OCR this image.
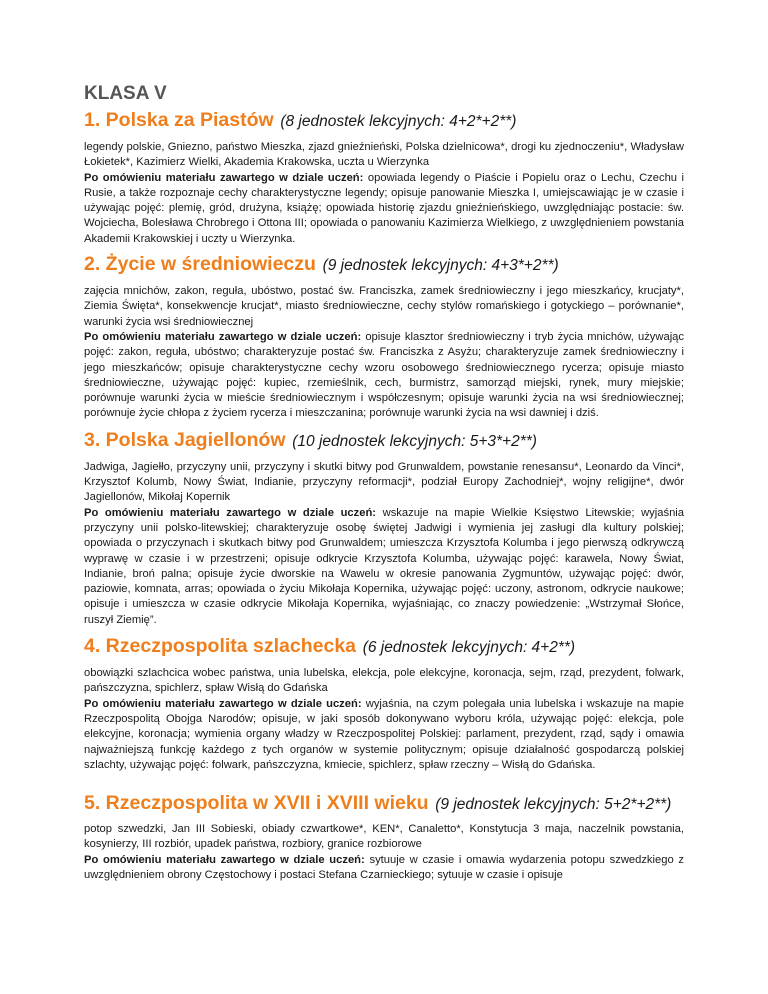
KLASA V
1. Polska za Piastów (8 jednostek lekcyjnych: 4+2*+2**)

legendy polskie, Gniezno, państwo Mieszka, zjazd gnieźnieński, Polska dzielnicowa*, drogi ku zjednoczeniu*, Władysław Łokietek*, Kazimierz Wielki, Akademia Krakowska, uczta u Wierzynka

Po omówieniu materiału zawartego w dziale uczeń: opowiada legendy o Piaście i Popielu oraz o Lechu, Czechu i Rusie, a także rozpoznaje cechy charakterystyczne legendy; opisuje panowanie Mieszka I, umiejscawiając je w czasie i używając pojęć: plemię, gród, drużyna, książę; opowiada historię zjazdu gnieźnieńskiego, uwzględniając postacie: św. Wojciecha, Bolesława Chrobrego i Ottona III; opowiada o panowaniu Kazimierza Wielkiego, z uwzględnieniem powstania Akademii Krakowskiej i uczty u Wierzynka.

2. Życie w średniowieczu (9 jednostek lekcyjnych: 4+3*+2**)

zajęcia mnichów, zakon, reguła, ubóstwo, postać św. Franciszka, zamek średniowieczny i jego mieszkańcy, krucjaty*, Ziemia Święta*, konsekwencje krucjat*, miasto średniowieczne, cechy stylów romańskiego i gotyckiego – porównanie*, warunki życia wsi średniowiecznej

Po omówieniu materiału zawartego w dziale uczeń: opisuje klasztor średniowieczny i tryb życia mnichów, używając pojęć: zakon, reguła, ubóstwo; charakteryzuje postać św. Franciszka z Asyżu; charakteryzuje zamek średniowieczny i jego mieszkańców; opisuje charakterystyczne cechy wzoru osobowego średniowiecznego rycerza; opisuje miasto średniowieczne, używając pojęć: kupiec, rzemieślnik, cech, burmistrz, samorząd miejski, rynek, mury miejskie; porównuje warunki życia w mieście średniowiecznym i współczesnym; opisuje warunki życia na wsi średniowiecznej; porównuje życie chłopa z życiem rycerza i mieszczanina; porównuje warunki życia na wsi dawniej i dziś.

3. Polska Jagiellonów (10 jednostek lekcyjnych: 5+3*+2**)

Jadwiga, Jagiełło, przyczyny unii, przyczyny i skutki bitwy pod Grunwaldem, powstanie renesansu*, Leonardo da Vinci*, Krzysztof Kolumb, Nowy Świat, Indianie, przyczyny reformacji*, podział Europy Zachodniej*, wojny religijne*, dwór Jagiellonów, Mikołaj Kopernik

Po omówieniu materiału zawartego w dziale uczeń: wskazuje na mapie Wielkie Księstwo Litewskie; wyjaśnia przyczyny unii polsko-litewskiej; charakteryzuje osobę świętej Jadwigi i wymienia jej zasługi dla kultury polskiej; opowiada o przyczynach i skutkach bitwy pod Grunwaldem; umieszcza Krzysztofa Kolumba i jego pierwszą odkrywczą wyprawę w czasie i w przestrzeni; opisuje odkrycie Krzysztofa Kolumba, używając pojęć: karawela, Nowy Świat, Indianie, broń palna; opisuje życie dworskie na Wawelu w okresie panowania Zygmuntów, używając pojęć: dwór, paziowie, komnata, arras; opowiada o życiu Mikołaja Kopernika, używając pojęć: uczony, astronom, odkrycie naukowe; opisuje i umieszcza w czasie odkrycie Mikołaja Kopernika, wyjaśniając, co znaczy powiedzenie: „Wstrzymał Słońce, ruszył Ziemię”.

4. Rzeczpospolita szlachecka (6 jednostek lekcyjnych: 4+2**)

obowiązki szlachcica wobec państwa, unia lubelska, elekcja, pole elekcyjne, koronacja, sejm, rząd, prezydent, folwark, pańszczyzna, spichlerz, spław Wisłą do Gdańska

Po omówieniu materiału zawartego w dziale uczeń: wyjaśnia, na czym polegała unia lubelska i wskazuje na mapie Rzeczpospolitą Obojga Narodów; opisuje, w jaki sposób dokonywano wyboru króla, używając pojęć: elekcja, pole elekcyjne, koronacja; wymienia organy władzy w Rzeczpospolitej Polskiej: parlament, prezydent, rząd, sądy i omawia najważniejszą funkcję każdego z tych organów w systemie politycznym; opisuje działalność gospodarczą polskiej szlachty, używając pojęć: folwark, pańszczyzna, kmiecie, spichlerz, spław rzeczny – Wisłą do Gdańska.

5. Rzeczpospolita w XVII i XVIII wieku (9 jednostek lekcyjnych: 5+2*+2**)

potop szwedzki, Jan III Sobieski, obiady czwartkowe*, KEN*, Canaletto*, Konstytucja 3 maja, naczelnik powstania, kosynierzy, III rozbiór, upadek państwa, rozbiory, granice rozbiorowe

Po omówieniu materiału zawartego w dziale uczeń: sytuuje w czasie i omawia wydarzenia potopu szwedzkiego z uwzględnieniem obrony Częstochowy i postaci Stefana Czarnieckiego; sytuuje w czasie i opisuje
